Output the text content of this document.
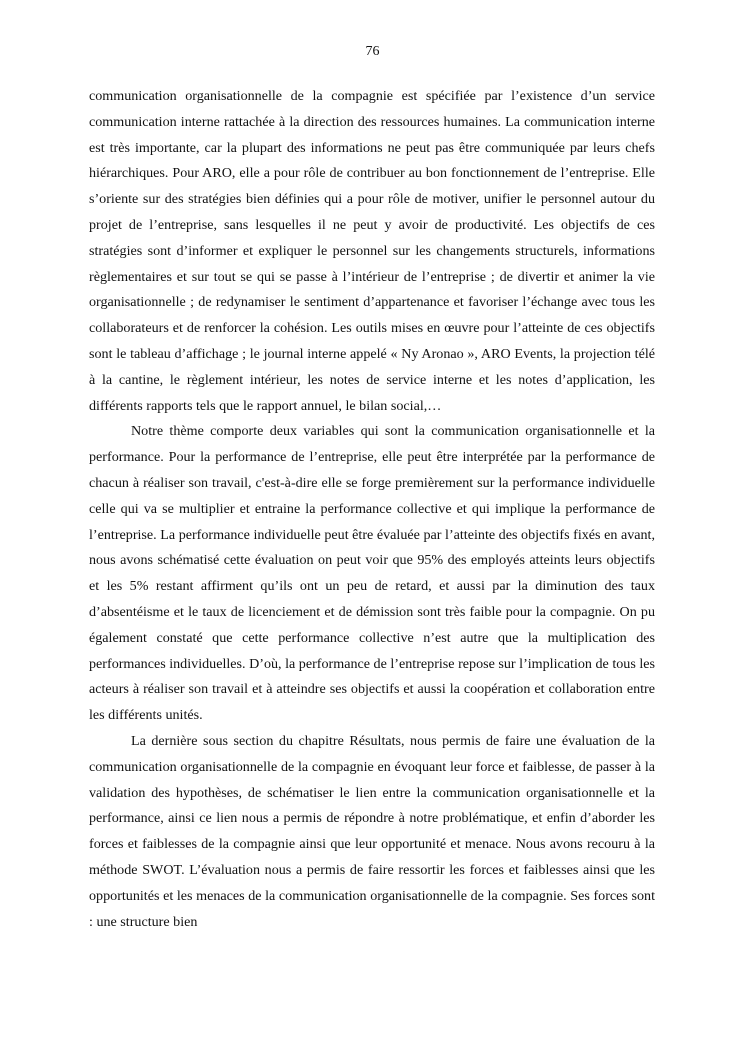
76

communication organisationnelle de la compagnie est spécifiée par l’existence d’un service communication interne rattachée à la direction des ressources humaines. La communication interne est très importante, car la plupart des informations ne peut pas être communiquée par leurs chefs hiérarchiques. Pour ARO, elle a pour rôle de contribuer au bon fonctionnement de l’entreprise. Elle s’oriente sur des stratégies bien définies qui a pour rôle de motiver, unifier le personnel autour du projet de l’entreprise, sans lesquelles il ne peut y avoir de productivité. Les objectifs de ces stratégies sont d’informer et expliquer le personnel sur les changements structurels, informations règlementaires et sur tout se qui se passe à l’intérieur de l’entreprise ; de divertir et animer la vie organisationnelle ; de redynamiser le sentiment d’appartenance et favoriser l’échange avec tous les collaborateurs et de renforcer la cohésion. Les outils mises en œuvre pour l’atteinte de ces objectifs sont le tableau d’affichage ; le journal interne appelé « Ny Aronao », ARO Events, la projection télé à la cantine, le règlement intérieur, les notes de service interne et les notes d’application, les différents rapports tels que le rapport annuel, le bilan social,…

Notre thème comporte deux variables qui sont la communication organisationnelle et la performance. Pour la performance de l’entreprise, elle peut être interprétée par la performance de chacun à réaliser son travail, c'est-à-dire elle se forge premièrement sur la performance individuelle celle qui va se multiplier et entraine la performance collective et qui implique la performance de l’entreprise. La performance individuelle peut être évaluée par l’atteinte des objectifs fixés en avant, nous avons schématisé cette évaluation on peut voir que 95% des employés atteints leurs objectifs et les 5% restant affirment qu’ils ont un peu de retard, et aussi par la diminution des taux d’absentéisme et le taux de licenciement et de démission sont très faible pour la compagnie. On pu également constaté que cette performance collective n’est autre que la multiplication des performances individuelles. D’où, la performance de l’entreprise repose sur l’implication de tous les acteurs à réaliser son travail et à atteindre ses objectifs et aussi la coopération et collaboration entre les différents unités.

La dernière sous section du chapitre Résultats, nous permis de faire une évaluation de la communication organisationnelle de la compagnie en évoquant leur force et faiblesse, de passer à la validation des hypothèses, de schématiser le lien entre la communication organisationnelle et la performance, ainsi ce lien nous a permis de répondre à notre problématique, et enfin d’aborder les forces et faiblesses de la compagnie ainsi que leur opportunité et menace. Nous avons recouru à la méthode SWOT. L’évaluation nous a permis de faire ressortir les forces et faiblesses ainsi que les opportunités et les menaces de la communication organisationnelle de la compagnie. Ses forces sont : une structure bien
